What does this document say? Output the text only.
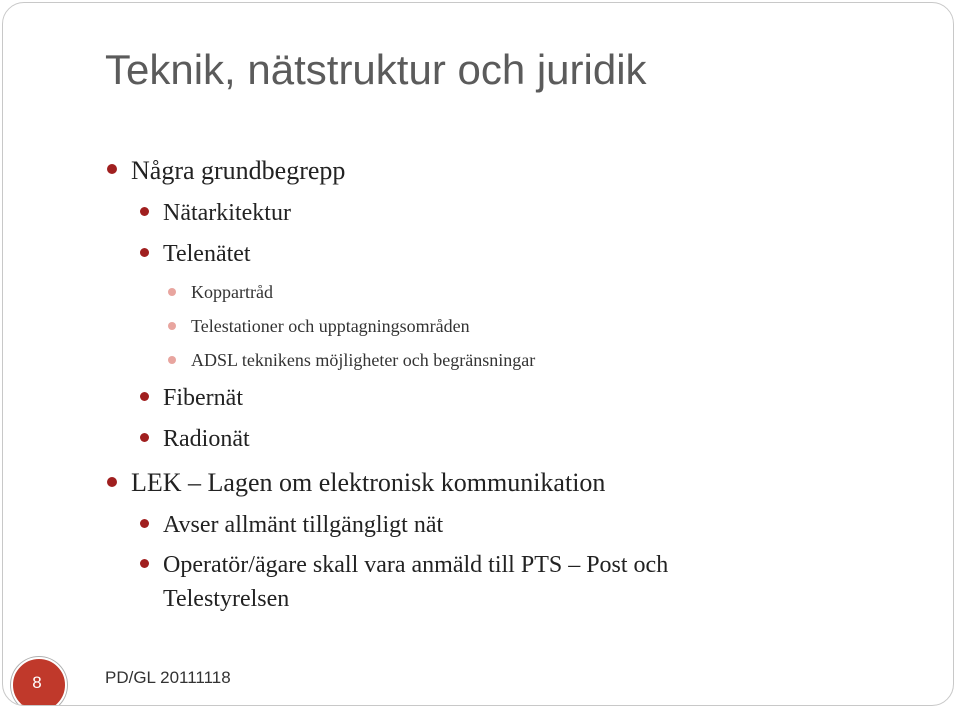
Teknik, nätstruktur och juridik
Några grundbegrepp
Nätarkitektur
Telenätet
Koppartråd
Telestationer och upptagningsområden
ADSL teknikens möjligheter och begränsningar
Fibernät
Radionät
LEK – Lagen om elektronisk kommunikation
Avser allmänt tillgängligt nät
Operatör/ägare skall vara anmäld till PTS – Post och
Telestyrelsen
8	PD/GL 20111118
